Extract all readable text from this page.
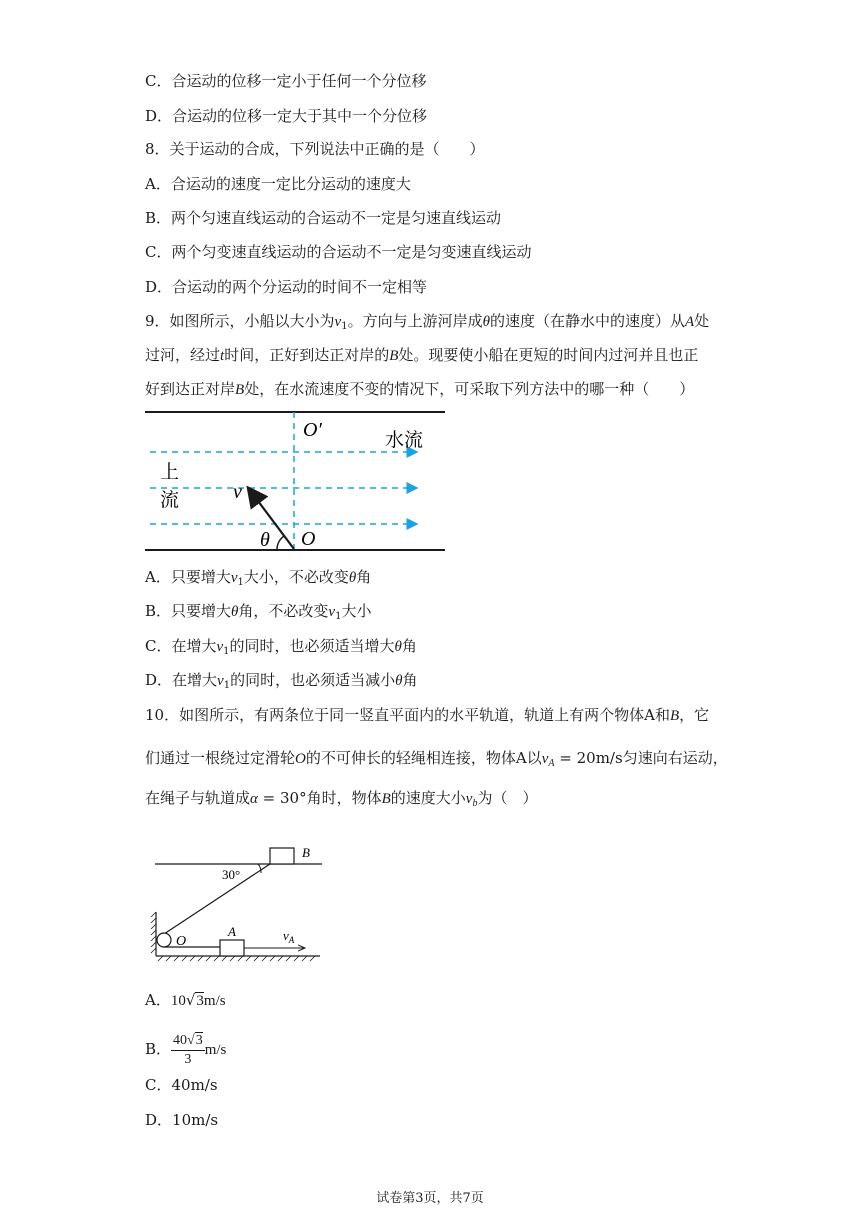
C．合运动的位移一定小于任何一个分位移
D．合运动的位移一定大于其中一个分位移
8．关于运动的合成，下列说法中正确的是（　　）
A．合运动的速度一定比分运动的速度大
B．两个匀速直线运动的合运动不一定是匀速直线运动
C．两个匀变速直线运动的合运动不一定是匀变速直线运动
D．合运动的两个分运动的时间不一定相等
9．如图所示，小船以大小为$v_1$。方向与上游河岸成θ的速度（在静水中的速度）从A处
过河，经过t时间，正好到达正对岸的B处。现要使小船在更短的时间内过河并且也正
好到达正对岸B处，在水流速度不变的情况下，可采取下列方法中的哪一种（　　）
O′	水流
上
流	v
θ O
A．只要增大$v_1$大小，不必改变θ角
B．只要增大θ角，不必改变$v_1$大小
C．在增大$v_1$的同时，也必须适当增大θ角
D．在增大$v_1$的同时，也必须适当减小θ角
10．如图所示，有两条位于同一竖直平面内的水平轨道，轨道上有两个物体A和B，它
们通过一根绕过定滑轮O的不可伸长的轻绳相连接，物体A以$v_A = 20m/s$匀速向右运动，
在绳子与轨道成α = 30°角时，物体B的速度大小$v_b$为（　）
B
30°
O
A	$v_A$
A．10√3m/s
B． $\frac{40√3}{3} m/s$
C．40m/s
D．10m/s
试卷第3页，共7页
